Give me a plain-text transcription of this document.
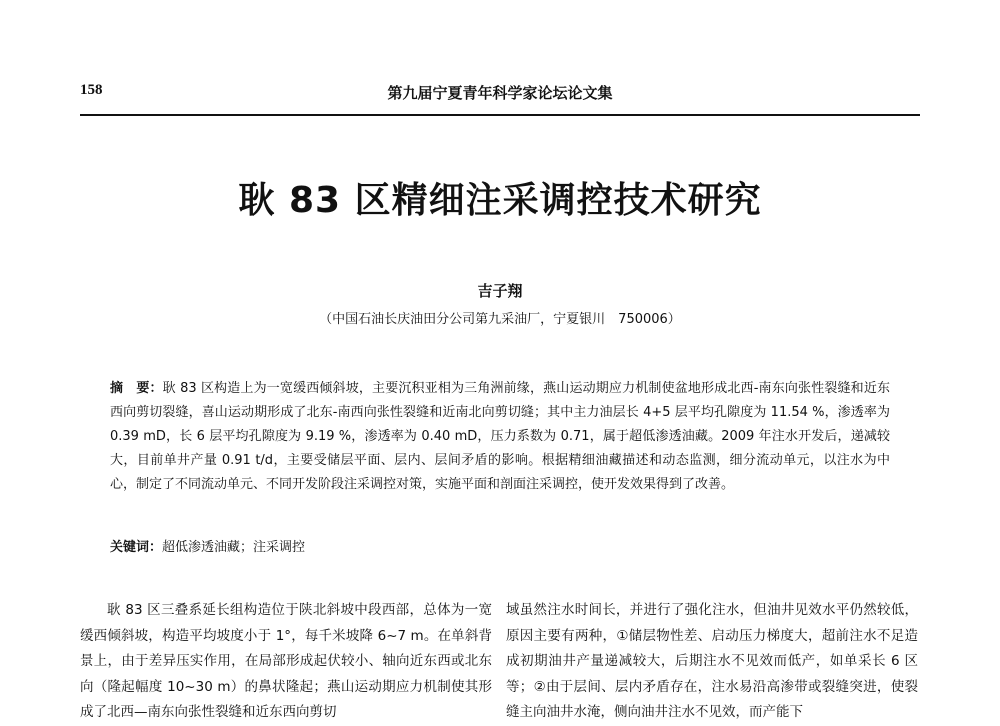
158	第九届宁夏青年科学家论坛论文集
耿 83 区精细注采调控技术研究
吉子翔
（中国石油长庆油田分公司第九采油厂，宁夏银川　750006）
摘　要：耿 83 区构造上为一宽缓西倾斜坡，主要沉积亚相为三角洲前缘，燕山运动期应力机制使盆地形成北西-南东向张性裂缝和近东西向剪切裂缝，喜山运动期形成了北东-南西向张性裂缝和近南北向剪切缝；其中主力油层长 4+5 层平均孔隙度为 11.54 %，渗透率为 0.39 mD，长 6 层平均孔隙度为 9.19 %，渗透率为 0.40 mD，压力系数为 0.71，属于超低渗透油藏。2009 年注水开发后，递减较大，目前单井产量 0.91 t/d，主要受储层平面、层内、层间矛盾的影响。根据精细油藏描述和动态监测，细分流动单元，以注水为中心，制定了不同流动单元、不同开发阶段注采调控对策，实施平面和剖面注采调控，使开发效果得到了改善。
关键词：超低渗透油藏；注采调控
耿 83 区三叠系延长组构造位于陕北斜坡中段西部，总体为一宽缓西倾斜坡，构造平均坡度小于 1°，每千米坡降 6~7 m。在单斜背景上，由于差异压实作用，在局部形成起伏较小、轴向近东西或北东向（隆起幅度 10~30 m）的鼻状隆起；燕山运动期应力机制使其形成了北西—南东向张性裂缝和近东西向剪切
域虽然注水时间长，并进行了强化注水，但油井见效水平仍然较低，原因主要有两种，①储层物性差、启动压力梯度大，超前注水不足造成初期油井产量递减较大，后期注水不见效而低产，如单采长 6 区等；②由于层间、层内矛盾存在，注水易沿高渗带或裂缝突进，使裂缝主向油井水淹，侧向油井注水不见效，而产能下
